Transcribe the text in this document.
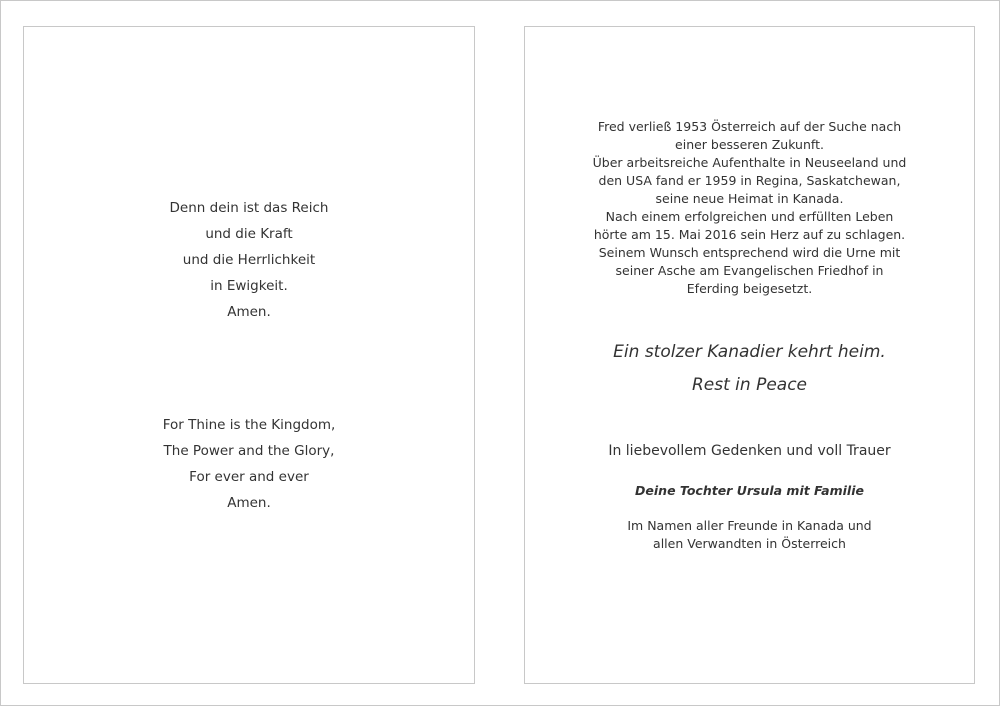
Denn dein ist das Reich
und die Kraft
und die Herrlichkeit
in Ewigkeit.
Amen.
For Thine is the Kingdom,
The Power and the Glory,
For ever and ever
Amen.
Fred verließ 1953 Österreich auf der Suche nach
einer besseren Zukunft.
Über arbeitsreiche Aufenthalte in Neuseeland und
den USA fand er 1959 in Regina, Saskatchewan,
seine neue Heimat in Kanada.
Nach einem erfolgreichen und erfüllten Leben
hörte am 15. Mai 2016 sein Herz auf zu schlagen.
Seinem Wunsch entsprechend wird die Urne mit
seiner Asche am Evangelischen Friedhof in
Eferding beigesetzt.
Ein stolzer Kanadier kehrt heim.
Rest in Peace
In liebevollem Gedenken und voll Trauer
Deine Tochter Ursula mit Familie
Im Namen aller Freunde in Kanada und
allen Verwandten in Österreich
